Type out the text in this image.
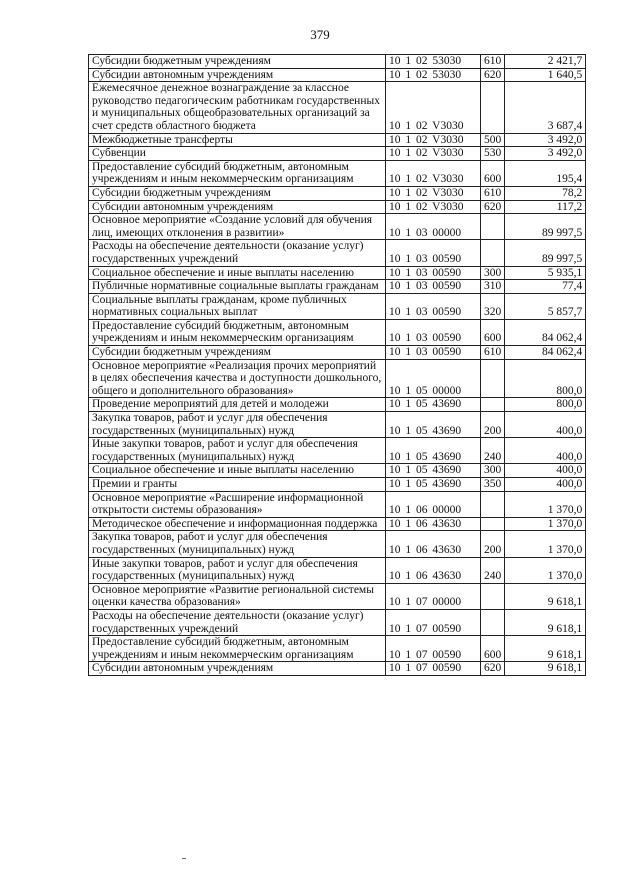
379
Субсидии бюджетным учреждениям	10 1 02 53030	610	2 421,7
Субсидии автономным учреждениям	10 1 02 53030	620	1 640,5
Ежемесячное денежное вознаграждение за классное руководство педагогическим работникам государственных и муниципальных общеобразовательных организаций за счет средств областного бюджета	10 1 02 V3030		3 687,4
Межбюджетные трансферты	10 1 02 V3030	500	3 492,0
Субвенции	10 1 02 V3030	530	3 492,0
Предоставление субсидий бюджетным, автономным учреждениям и иным некоммерческим организациям	10 1 02 V3030	600	195,4
Субсидии бюджетным учреждениям	10 1 02 V3030	610	78,2
Субсидии автономным учреждениям	10 1 02 V3030	620	117,2
Основное мероприятие «Создание условий для обучения лиц, имеющих отклонения в развитии»	10 1 03 00000		89 997,5
Расходы на обеспечение деятельности (оказание услуг) государственных учреждений	10 1 03 00590		89 997,5
Социальное обеспечение и иные выплаты населению	10 1 03 00590	300	5 935,1
Публичные нормативные социальные выплаты гражданам	10 1 03 00590	310	77,4
Социальные выплаты гражданам, кроме публичных нормативных социальных выплат	10 1 03 00590	320	5 857,7
Предоставление субсидий бюджетным, автономным учреждениям и иным некоммерческим организациям	10 1 03 00590	600	84 062,4
Субсидии бюджетным учреждениям	10 1 03 00590	610	84 062,4
Основное мероприятие «Реализация прочих мероприятий в целях обеспечения качества и доступности дошкольного, общего и дополнительного образования»	10 1 05 00000		800,0
Проведение мероприятий для детей и молодежи	10 1 05 43690		800,0
Закупка товаров, работ и услуг для обеспечения государственных (муниципальных) нужд	10 1 05 43690	200	400,0
Иные закупки товаров, работ и услуг для обеспечения государственных (муниципальных) нужд	10 1 05 43690	240	400,0
Социальное обеспечение и иные выплаты населению	10 1 05 43690	300	400,0
Премии и гранты	10 1 05 43690	350	400,0
Основное мероприятие «Расширение информационной открытости системы образования»	10 1 06 00000		1 370,0
Методическое обеспечение и информационная поддержка	10 1 06 43630		1 370,0
Закупка товаров, работ и услуг для обеспечения государственных (муниципальных) нужд	10 1 06 43630	200	1 370,0
Иные закупки товаров, работ и услуг для обеспечения государственных (муниципальных) нужд	10 1 06 43630	240	1 370,0
Основное мероприятие «Развитие региональной системы оценки качества образования»	10 1 07 00000		9 618,1
Расходы на обеспечение деятельности (оказание услуг) государственных учреждений	10 1 07 00590		9 618,1
Предоставление субсидий бюджетным, автономным учреждениям и иным некоммерческим организациям	10 1 07 00590	600	9 618,1
Субсидии автономным учреждениям	10 1 07 00590	620	9 618,1
